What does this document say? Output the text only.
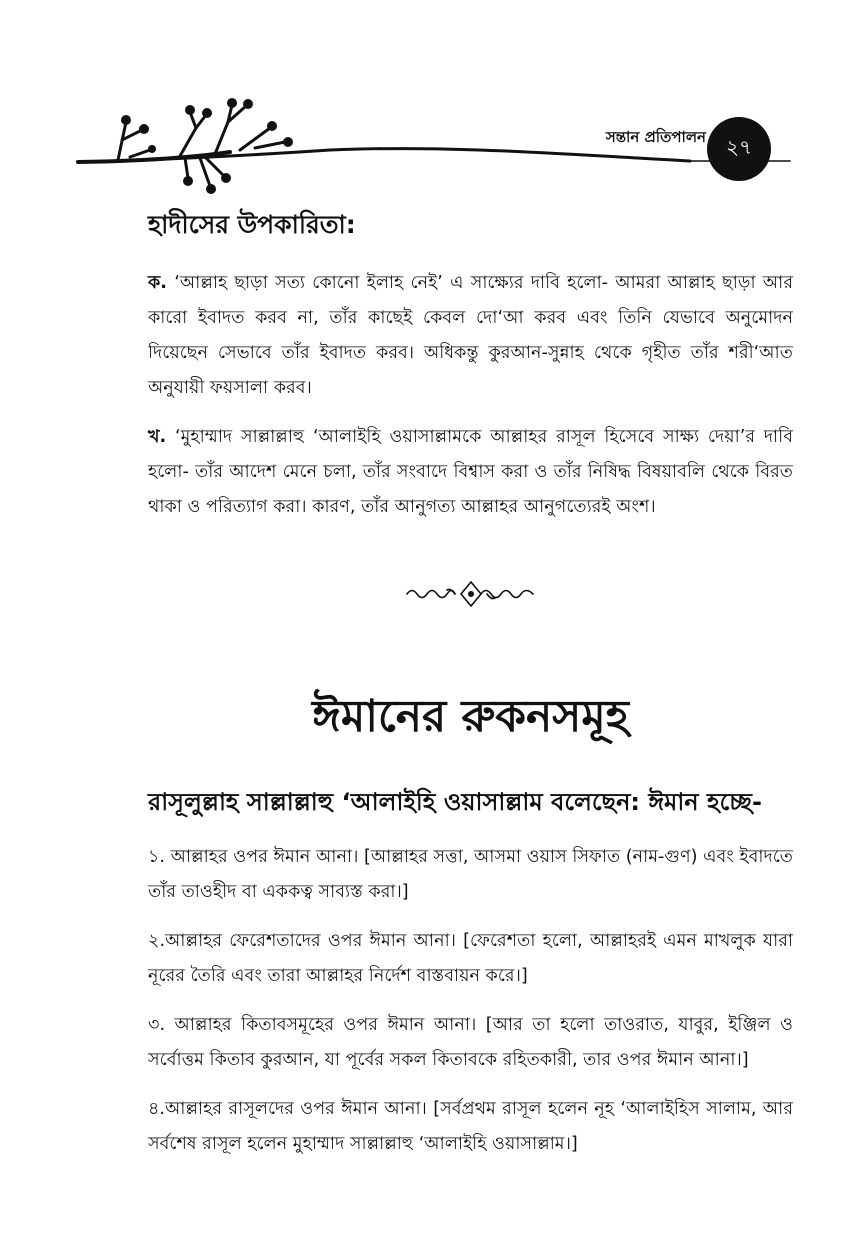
সন্তান প্রতিপালন ২৭
হাদীসের উপকারিতা:

ক. ‘আল্লাহ ছাড়া সত্য কোনো ইলাহ নেই’ এ সাক্ষ্যের দাবি হলো- আমরা আল্লাহ ছাড়া আর কারো ইবাদত করব না, তাঁর কাছেই কেবল দো‘আ করব এবং তিনি যেভাবে অনুমোদন দিয়েছেন সেভাবে তাঁর ইবাদত করব। অধিকন্তু কুরআন-সুন্নাহ থেকে গৃহীত তাঁর শরী‘আত অনুযায়ী ফয়সালা করব।

খ. ‘মুহাম্মাদ সাল্লাল্লাহু ‘আলাইহি ওয়াসাল্লামকে আল্লাহর রাসূল হিসেবে সাক্ষ্য দেয়া’র দাবি হলো- তাঁর আদেশ মেনে চলা, তাঁর সংবাদে বিশ্বাস করা ও তাঁর নিষিদ্ধ বিষয়াবলি থেকে বিরত থাকা ও পরিত্যাগ করা। কারণ, তাঁর আনুগত্য আল্লাহর আনুগত্যেরই অংশ।

ঈমানের রুকনসমূহ
রাসূলুল্লাহ সাল্লাল্লাহু ‘আলাইহি ওয়াসাল্লাম বলেছেন: ঈমান হচ্ছে-

১. আল্লাহর ওপর ঈমান আনা। [আল্লাহর সত্তা, আসমা ওয়াস সিফাত (নাম-গুণ) এবং ইবাদতে তাঁর তাওহীদ বা এককত্ব সাব্যস্ত করা।]

২.আল্লাহর ফেরেশতাদের ওপর ঈমান আনা। [ফেরেশতা হলো, আল্লাহরই এমন মাখলুক যারা নূরের তৈরি এবং তারা আল্লাহর নির্দেশ বাস্তবায়ন করে।]

৩. আল্লাহর কিতাবসমূহের ওপর ঈমান আনা। [আর তা হলো তাওরাত, যাবুর, ইঞ্জিল ও সর্বোত্তম কিতাব কুরআন, যা পূর্বের সকল কিতাবকে রহিতকারী, তার ওপর ঈমান আনা।]

৪.আল্লাহর রাসূলদের ওপর ঈমান আনা। [সর্বপ্রথম রাসূল হলেন নূহ ‘আলাইহিস সালাম, আর সর্বশেষ রাসূল হলেন মুহাম্মাদ সাল্লাল্লাহু ‘আলাইহি ওয়াসাল্লাম।]
